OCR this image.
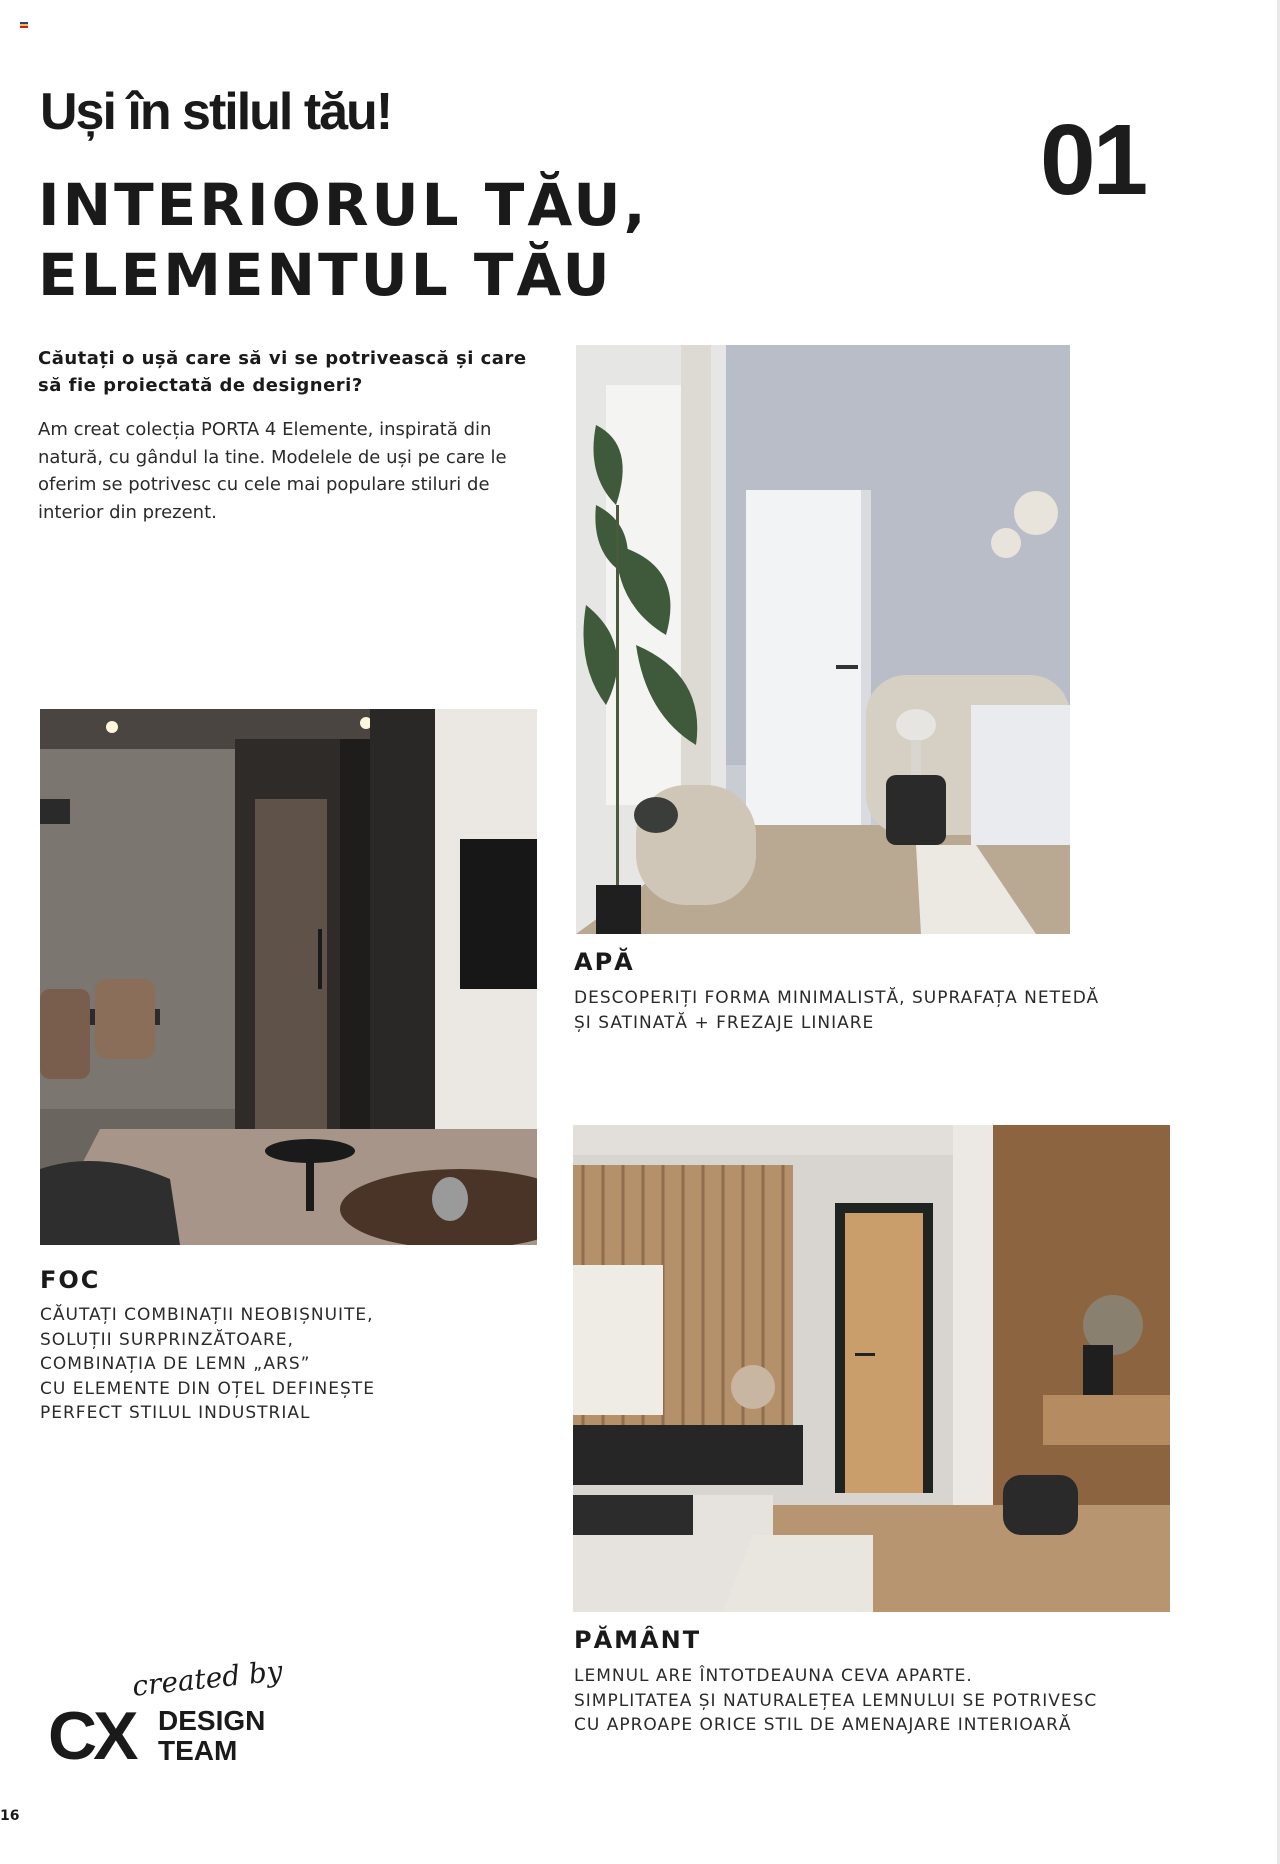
Uși în stilul tău!	01
INTERIORUL TĂU,
ELEMENTUL TĂU

Căutați o ușă care să vi se potrivească și care să fie proiectată de designeri?

Am creat colecția PORTA 4 Elemente, inspirată din natură, cu gândul la tine. Modelele de uși pe care le oferim se potrivesc cu cele mai populare stiluri de interior din prezent.

APĂ

DESCOPERIȚI FORMA MINIMALISTĂ, SUPRAFAȚA NETEDĂ
ȘI SATINATĂ + FREZAJE LINIARE

FOC

CĂUTAȚI COMBINAȚII NEOBIȘNUITE,
SOLUȚII SURPRINZĂTOARE,
COMBINAȚIA DE LEMN „ARS”
CU ELEMENTE DIN OȚEL DEFINEȘTE
PERFECT STILUL INDUSTRIAL

PĂMÂNT

LEMNUL ARE ÎNTOTDEAUNA CEVA APARTE.
SIMPLITATEA ȘI NATURALEȚEA LEMNULUI SE POTRIVESC
CU APROAPE ORICE STIL DE AMENAJARE INTERIOARĂ

created by
CX DESIGN
TEAM
16
